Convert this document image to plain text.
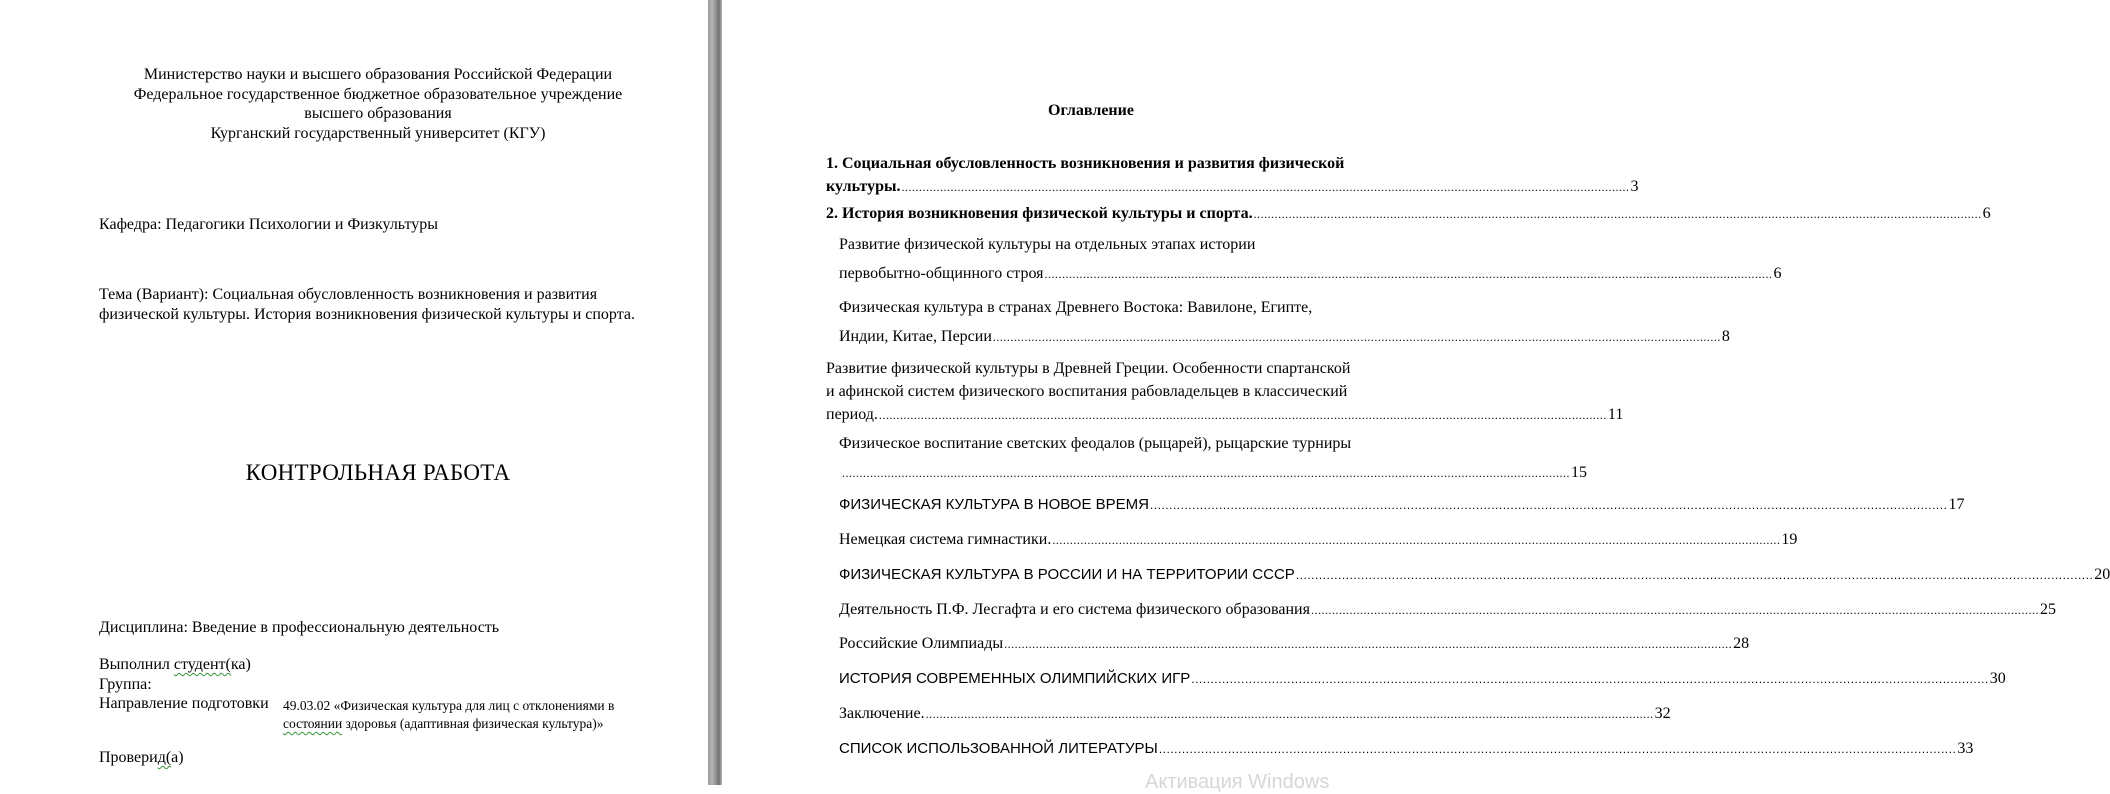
Министерство науки и высшего образования Российской Федерации
Федеральное государственное бюджетное образовательное учреждение
высшего образования
Курганский государственный университет (КГУ)
Кафедра: Педагогики Психологии и Физкультуры
Тема (Вариант): Социальная обусловленность возникновения и развития физической культуры. История возникновения физической культуры и спорта.
КОНТРОЛЬНАЯ РАБОТА
Дисциплина: Введение в профессиональную деятельность
Выполнил студент(ка)
Группа:
Направление подготовки 49.03.02 «Физическая культура для лиц с отклонениями в
состоянии здоровья (адаптивная физическая культура)»
Проверид(а)
Оглавление
1. Социальная обусловленность возникновения и развития физической
культуры. ................................................................................................................................................................................................................ 3
2. История возникновения физической культуры и спорта. ................................................................................................................................................................................................................ 6
Развитие физической культуры на отдельных этапах истории
первобытно-общинного строя ................................................................................................................................................................................................................ 6
Физическая культура в странах Древнего Востока: Вавилоне, Египте,
Индии, Китае, Персии ................................................................................................................................................................................................................ 8
Развитие физической культуры в Древней Греции. Особенности спартанской
и афинской систем физического воспитания рабовладельцев в классический
период. ................................................................................................................................................................................................................ 11
Физическое воспитание светских феодалов (рыцарей), рыцарские турниры
................................................................................................................................................................................................................ 15
ФИЗИЧЕСКАЯ КУЛЬТУРА В НОВОЕ ВРЕМЯ ................................................................................................................................................................................................................ 17
Немецкая система гимнастики. ................................................................................................................................................................................................................ 19
ФИЗИЧЕСКАЯ КУЛЬТУРА В РОССИИ И НА ТЕРРИТОРИИ СССР ................................................................................................................................................................................................................ 20
Деятельность П.Ф. Лесгафта и его система физического образования ................................................................................................................................................................................................................ 25
Российские Олимпиады ................................................................................................................................................................................................................ 28
ИСТОРИЯ СОВРЕМЕННЫХ ОЛИМПИЙСКИХ ИГР ................................................................................................................................................................................................................ 30
Заключение. ................................................................................................................................................................................................................ 32
СПИСОК ИСПОЛЬЗОВАННОЙ ЛИТЕРАТУРЫ ................................................................................................................................................................................................................ 33
Активация Windows
